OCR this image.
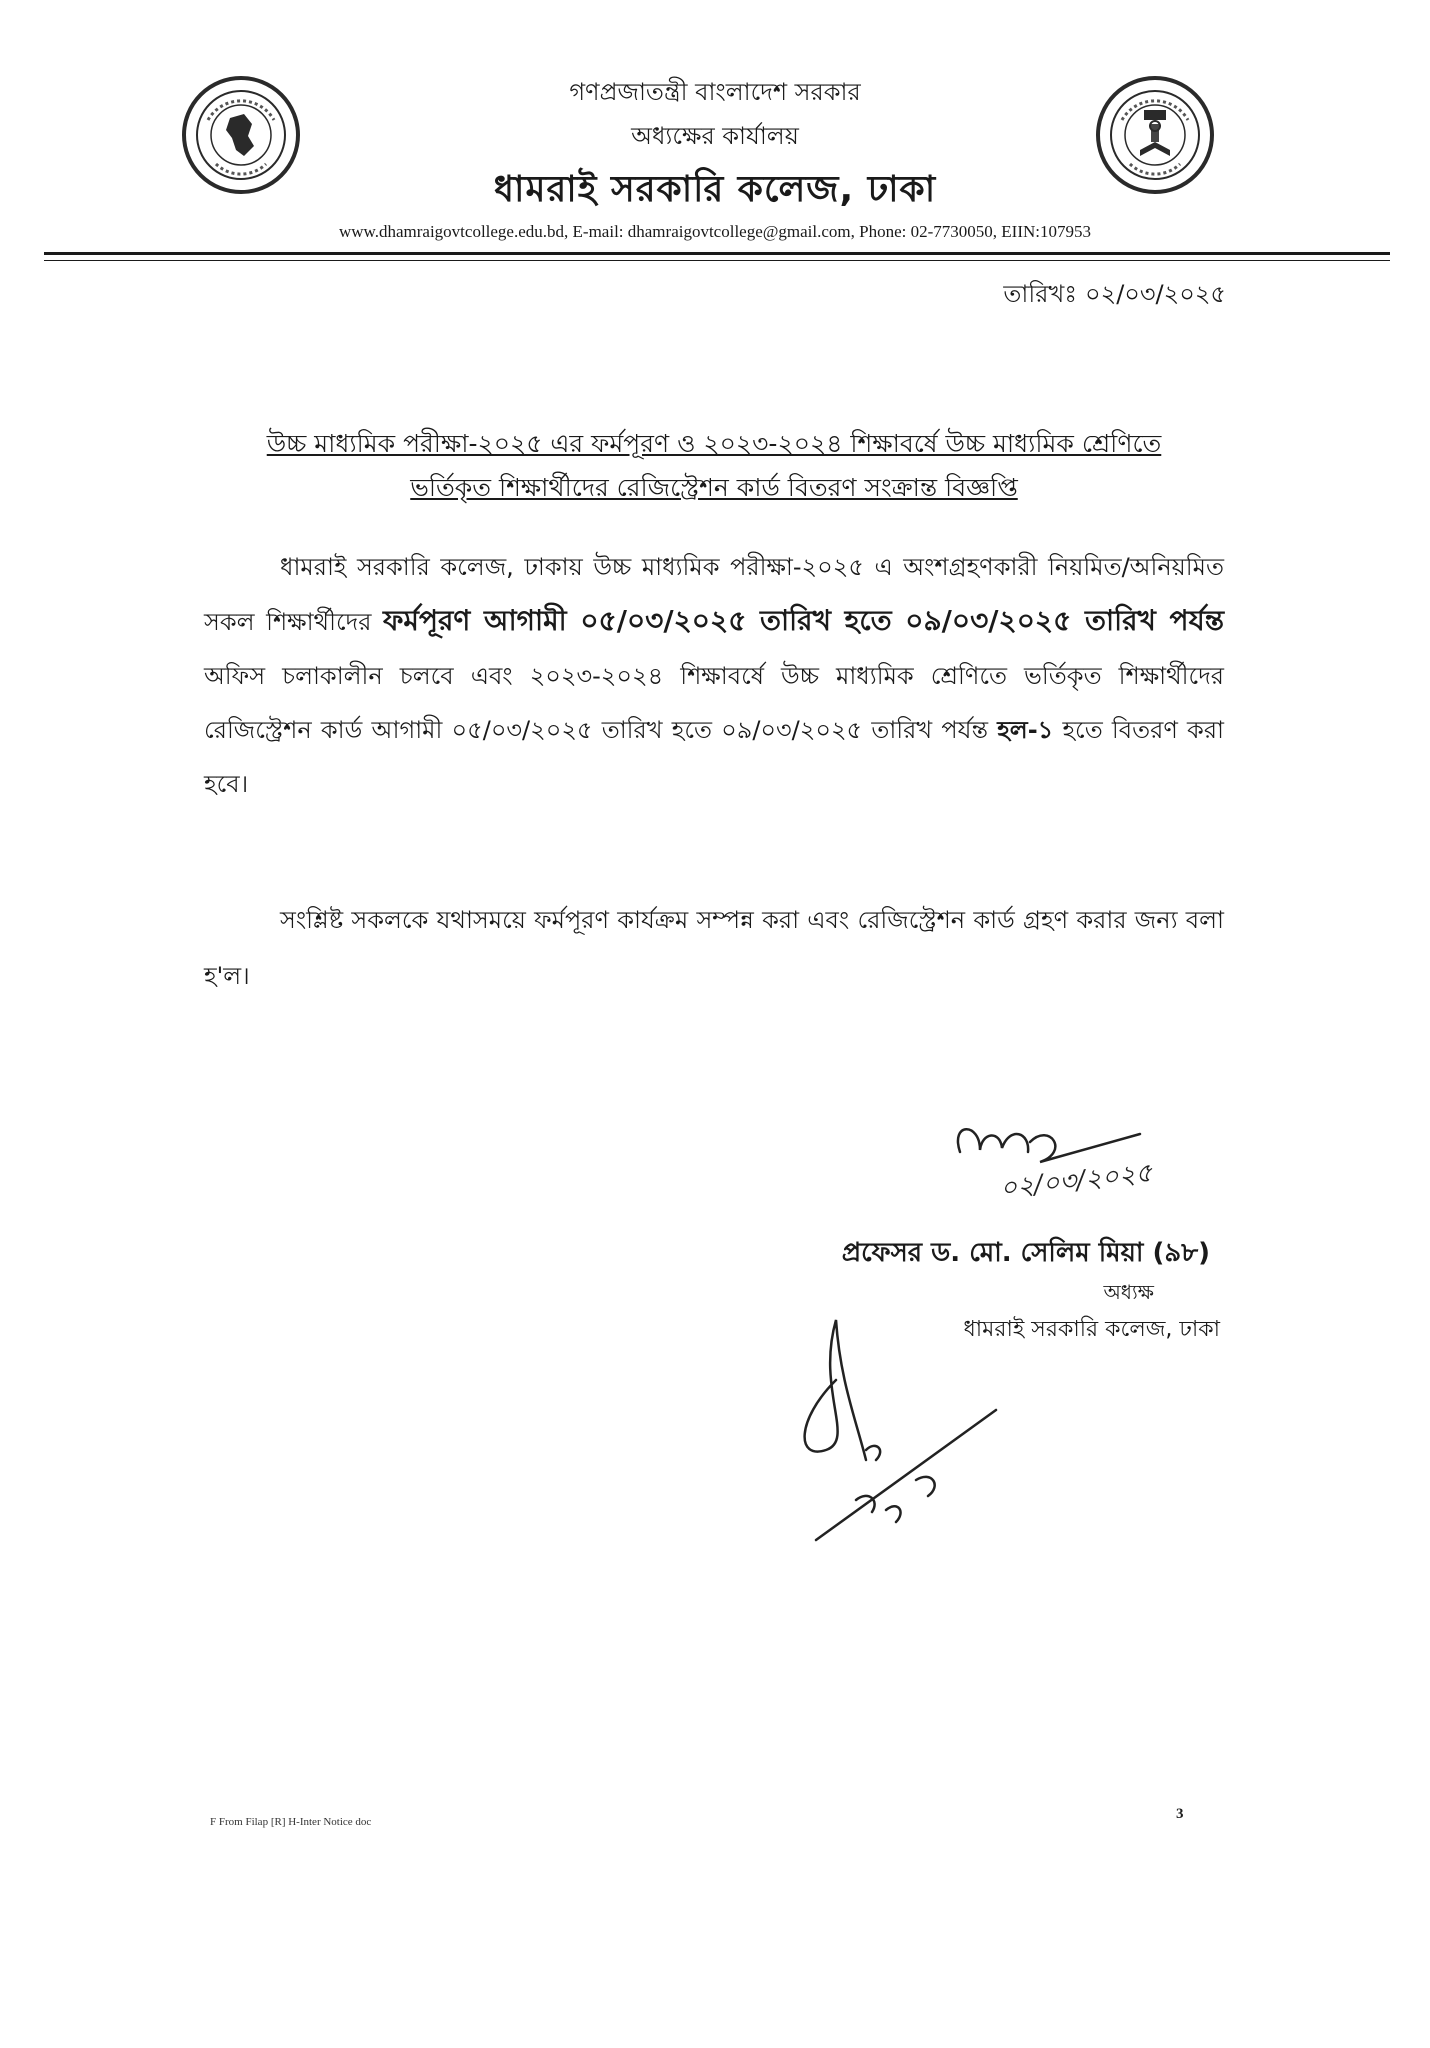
গণপ্রজাতন্ত্রী বাংলাদেশ সরকার
অধ্যক্ষের কার্যালয়
ধামরাই সরকারি কলেজ, ঢাকা
www.dhamraigovtcollege.edu.bd, E-mail: dhamraigovtcollege@gmail.com, Phone: 02-7730050, EIIN:107953
তারিখঃ ০২/০৩/২০২৫
উচ্চ মাধ্যমিক পরীক্ষা-২০২৫ এর ফর্মপূরণ ও ২০২৩-২০২৪ শিক্ষাবর্ষে উচ্চ মাধ্যমিক শ্রেণিতে
ভর্তিকৃত শিক্ষার্থীদের রেজিস্ট্রেশন কার্ড বিতরণ সংক্রান্ত বিজ্ঞপ্তি
ধামরাই সরকারি কলেজ, ঢাকায় উচ্চ মাধ্যমিক পরীক্ষা-২০২৫ এ অংশগ্রহণকারী নিয়মিত/অনিয়মিত সকল শিক্ষার্থীদের ফর্মপূরণ আগামী ০৫/০৩/২০২৫ তারিখ হতে ০৯/০৩/২০২৫ তারিখ পর্যন্ত অফিস চলাকালীন চলবে এবং ২০২৩-২০২৪ শিক্ষাবর্ষে উচ্চ মাধ্যমিক শ্রেণিতে ভর্তিকৃত শিক্ষার্থীদের রেজিস্ট্রেশন কার্ড আগামী ০৫/০৩/২০২৫ তারিখ হতে ০৯/০৩/২০২৫ তারিখ পর্যন্ত হল-১ হতে বিতরণ করা হবে।
সংশ্লিষ্ট সকলকে যথাসময়ে ফর্মপূরণ কার্যক্রম সম্পন্ন করা এবং রেজিস্ট্রেশন কার্ড গ্রহণ করার জন্য বলা হ'ল।
০২/০৩/২০২৫
প্রফেসর ড. মো. সেলিম মিয়া (৯৮)
অধ্যক্ষ
ধামরাই সরকারি কলেজ, ঢাকা
F From Filap [R] H-Inter Notice doc	3
